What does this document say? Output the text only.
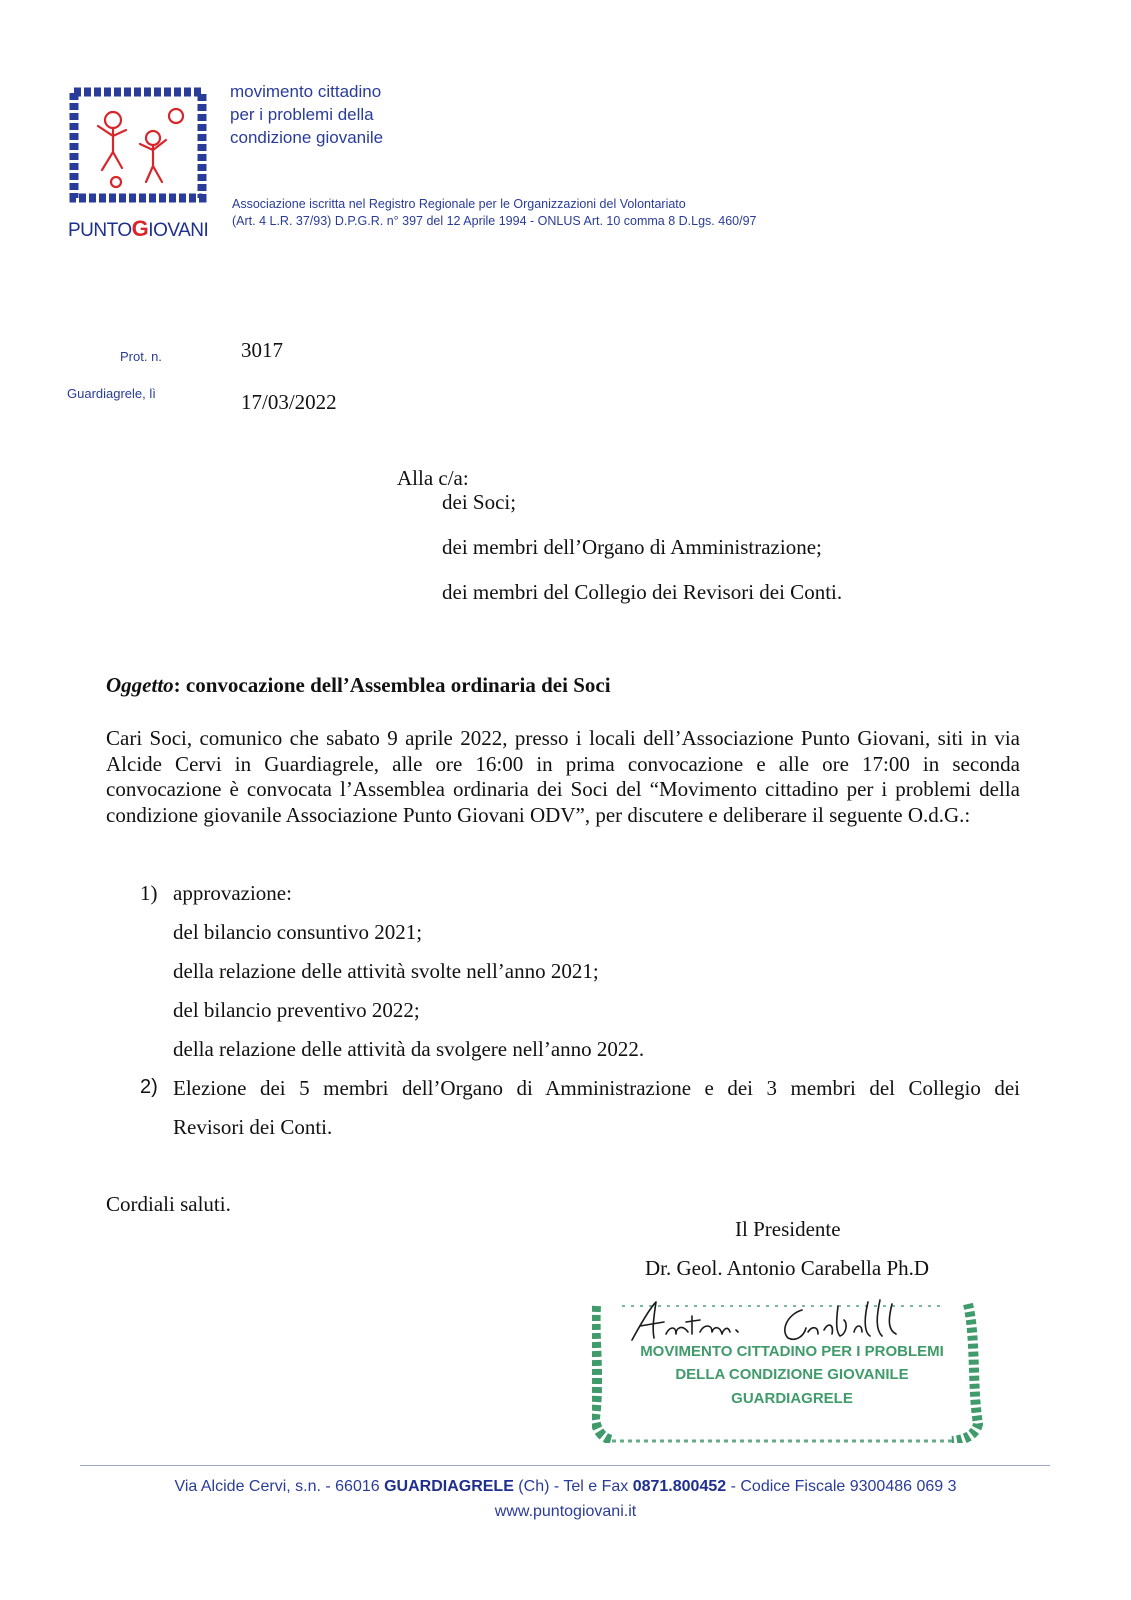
PUNTOGIOVANI
movimento cittadino
per i problemi della
condizione giovanile
Associazione iscritta nel Registro Regionale per le Organizzazioni del Volontariato
(Art. 4 L.R. 37/93) D.P.G.R. n° 397 del 12 Aprile 1994 - ONLUS Art. 10 comma 8 D.Lgs. 460/97
Prot. n.
Guardiagrele, lì
3017
17/03/2022
Alla c/a:
dei Soci;
dei membri dell’Organo di Amministrazione;
dei membri del Collegio dei Revisori dei Conti.
Oggetto: convocazione dell’Assemblea ordinaria dei Soci
Cari Soci, comunico che sabato 9 aprile 2022, presso i locali dell’Associazione Punto Giovani, siti in via Alcide Cervi in Guardiagrele, alle ore 16:00 in prima convocazione e alle ore 17:00 in seconda convocazione è convocata l’Assemblea ordinaria dei Soci del “Movimento cittadino per i problemi della condizione giovanile Associazione Punto Giovani ODV”, per discutere e deliberare il seguente O.d.G.:
1) approvazione:
del bilancio consuntivo 2021;
della relazione delle attività svolte nell’anno 2021;
del bilancio preventivo 2022;
della relazione delle attività da svolgere nell’anno 2022.
2) Elezione dei 5 membri dell’Organo di Amministrazione e dei 3 membri del Collegio dei
Revisori dei Conti.
Cordiali saluti.
Il Presidente
Dr. Geol. Antonio Carabella Ph.D
MOVIMENTO CITTADINO PER I PROBLEMI
DELLA CONDIZIONE GIOVANILE
GUARDIAGRELE
Via Alcide Cervi, s.n. - 66016 GUARDIAGRELE (Ch) - Tel e Fax 0871.800452 - Codice Fiscale 9300486 069 3
www.puntogiovani.it
